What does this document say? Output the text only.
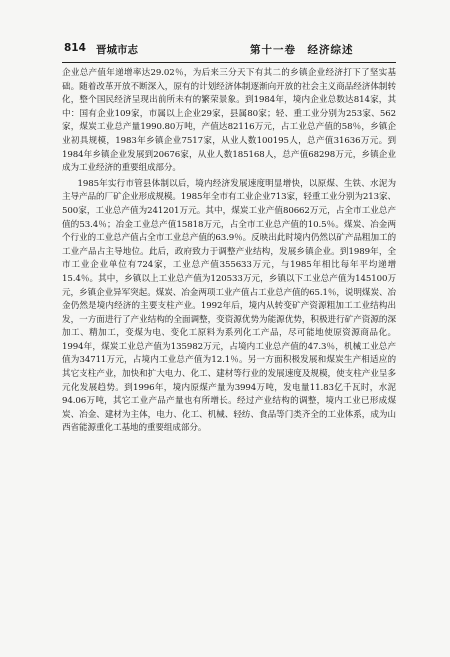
814 晋城市志	第十一卷　经济综述

企业总产值年递增率达29.02％，为后来三分天下有其二的乡镇企业经济打下了坚实基础。随着改革开放不断深入，原有的计划经济体制逐渐向开放的社会主义商品经济体制转化，整个国民经济呈现出前所未有的繁荣景象。到1984年，境内企业总数达814家，其中：国有企业109家，市属以上企业29家，县属80家；轻、重工业分别为253家、562家，煤炭工业总产量1990.80万吨，产值达82116万元，占工业总产值的58％，乡镇企业初具规模，1983年乡镇企业7517家，从业人数100195人，总产值31636万元。到1984年乡镇企业发展到20676家，从业人数185168人，总产值68298万元，乡镇企业成为工业经济的重要组成部分。

1985年实行市管县体制以后，境内经济发展速度明显增快，以原煤、生铁、水泥为主导产品的厂矿企业形成规模。1985年全市有工业企业713家，轻重工业分别为213家、500家，工业总产值为241201万元。其中，煤炭工业产值80662万元，占全市工业总产值的53.4％；冶金工业总产值15818万元，占全市工业总产值的10.5％。煤炭、冶金两个行业的工业总产值占全市工业总产值的63.9％。反映出此时境内仍然以矿产品粗加工的工业产品占主导地位。此后，政府致力于调整产业结构，发展乡镇企业。到1989年，全市工业企业单位有724家，工业总产值355633万元，与1985年相比每年平均递增15.4％。其中，乡镇以上工业总产值为120533万元，乡镇以下工业总产值为145100万元，乡镇企业异军突起。煤炭、冶金两项工业产值占工业总产值的65.1％，说明煤炭、冶金仍然是境内经济的主要支柱产业。1992年后，境内从转变矿产资源粗加工工业结构出发，一方面进行了产业结构的全面调整，变资源优势为能源优势，积极进行矿产资源的深加工、精加工，变煤为电、变化工原料为系列化工产品，尽可能地使原资源商品化。1994年，煤炭工业总产值为135982万元，占境内工业总产值的47.3％，机械工业总产值为34711万元，占境内工业总产值为12.1％。另一方面积极发展和煤炭生产相适应的其它支柱产业，加快和扩大电力、化工、建材等行业的发展速度及规模，使支柱产业呈多元化发展趋势。到1996年，境内原煤产量为3994万吨，发电量11.83亿千瓦时，水泥94.06万吨，其它工业产品产量也有所增长。经过产业结构的调整，境内工业已形成煤炭、冶金、建材为主体，电力、化工、机械、轻纺、食品等门类齐全的工业体系，成为山西省能源重化工基地的重要组成部分。
